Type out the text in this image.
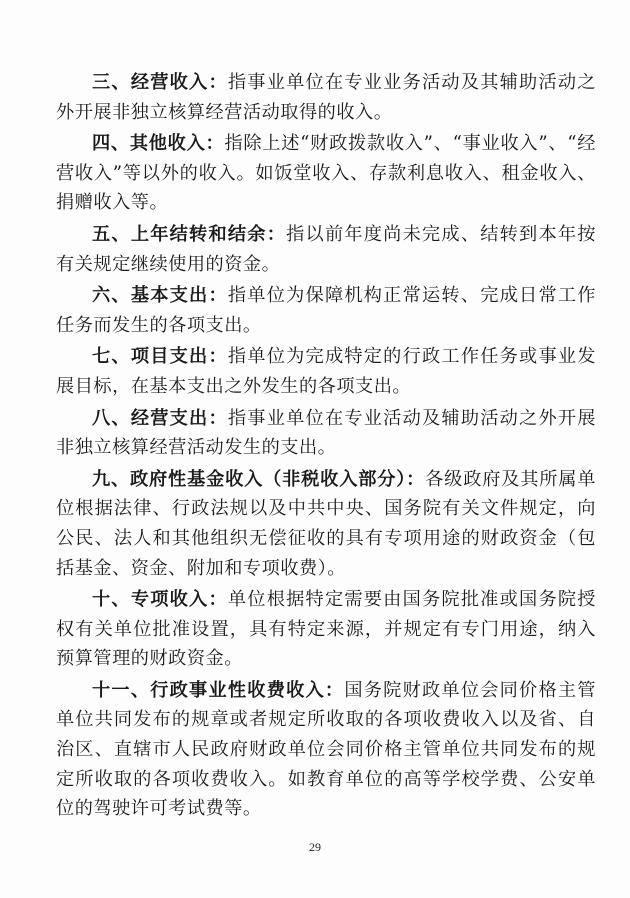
三、经营收入：指事业单位在专业业务活动及其辅助活动之外开展非独立核算经营活动取得的收入。

四、其他收入：指除上述“财政拨款收入”、“事业收入”、“经营收入”等以外的收入。如饭堂收入、存款利息收入、租金收入、捐赠收入等。

五、上年结转和结余：指以前年度尚未完成、结转到本年按有关规定继续使用的资金。

六、基本支出：指单位为保障机构正常运转、完成日常工作任务而发生的各项支出。

七、项目支出：指单位为完成特定的行政工作任务或事业发展目标，在基本支出之外发生的各项支出。

八、经营支出：指事业单位在专业活动及辅助活动之外开展非独立核算经营活动发生的支出。

九、政府性基金收入（非税收入部分）：各级政府及其所属单位根据法律、行政法规以及中共中央、国务院有关文件规定，向公民、法人和其他组织无偿征收的具有专项用途的财政资金（包括基金、资金、附加和专项收费）。

十、专项收入：单位根据特定需要由国务院批准或国务院授权有关单位批准设置，具有特定来源，并规定有专门用途，纳入预算管理的财政资金。

十一、行政事业性收费收入：国务院财政单位会同价格主管单位共同发布的规章或者规定所收取的各项收费收入以及省、自治区、直辖市人民政府财政单位会同价格主管单位共同发布的规定所收取的各项收费收入。如教育单位的高等学校学费、公安单位的驾驶许可考试费等。

29
